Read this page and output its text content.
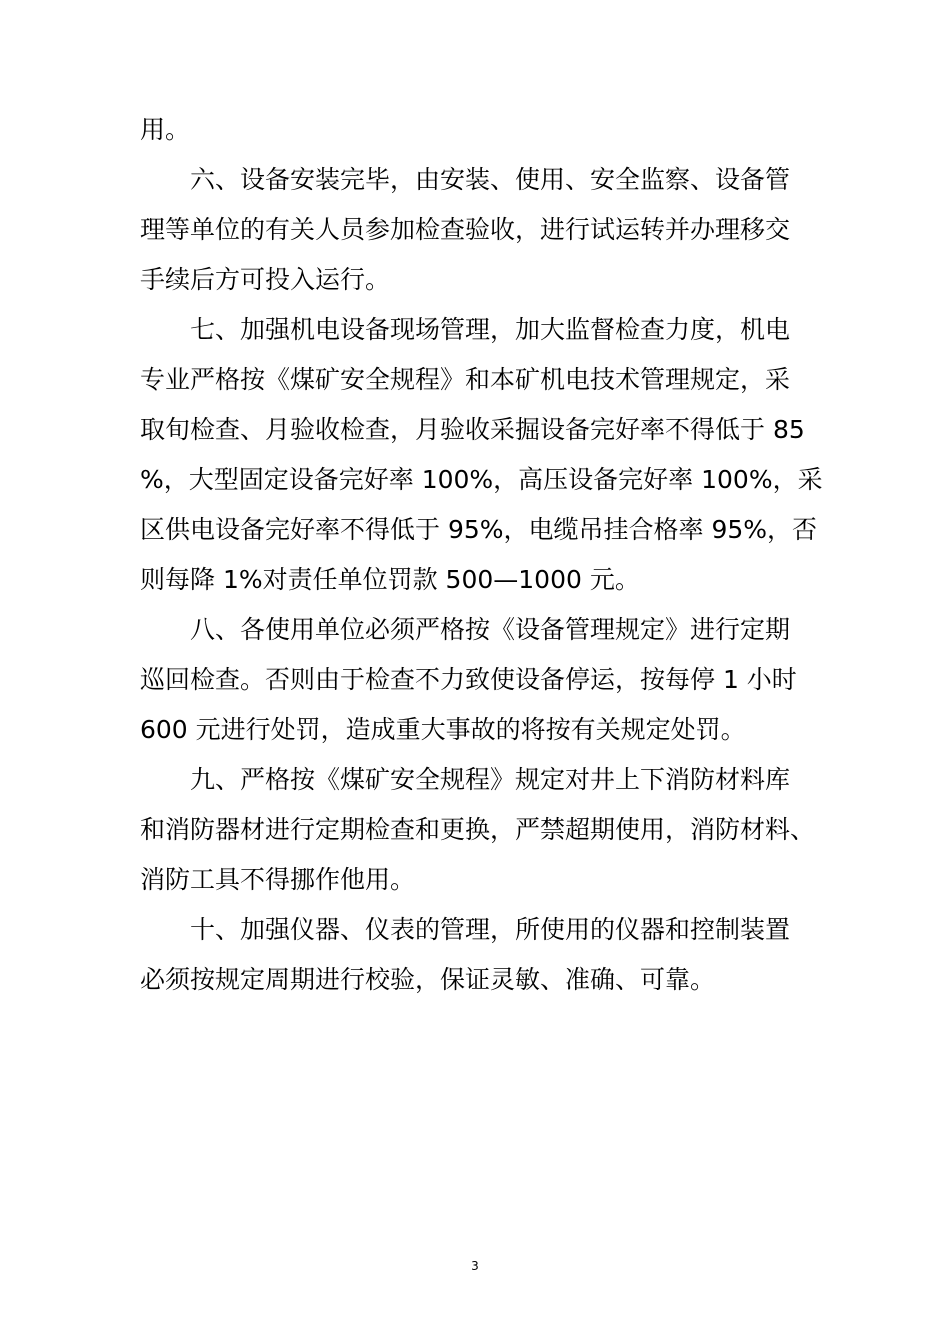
用。
六、设备安装完毕，由安装、使用、安全监察、设备管
理等单位的有关人员参加检查验收，进行试运转并办理移交
手续后方可投入运行。
七、加强机电设备现场管理，加大监督检查力度，机电
专业严格按《煤矿安全规程》和本矿机电技术管理规定，采
取旬检查、月验收检查，月验收采掘设备完好率不得低于 85
%，大型固定设备完好率 100%，高压设备完好率 100%，采
区供电设备完好率不得低于 95%，电缆吊挂合格率 95%，否
则每降 1%对责任单位罚款 500—1000 元。
八、各使用单位必须严格按《设备管理规定》进行定期
巡回检查。否则由于检查不力致使设备停运，按每停 1 小时
600 元进行处罚，造成重大事故的将按有关规定处罚。
九、严格按《煤矿安全规程》规定对井上下消防材料库
和消防器材进行定期检查和更换，严禁超期使用，消防材料、
消防工具不得挪作他用。
十、加强仪器、仪表的管理，所使用的仪器和控制装置
必须按规定周期进行校验，保证灵敏、准确、可靠。
3
